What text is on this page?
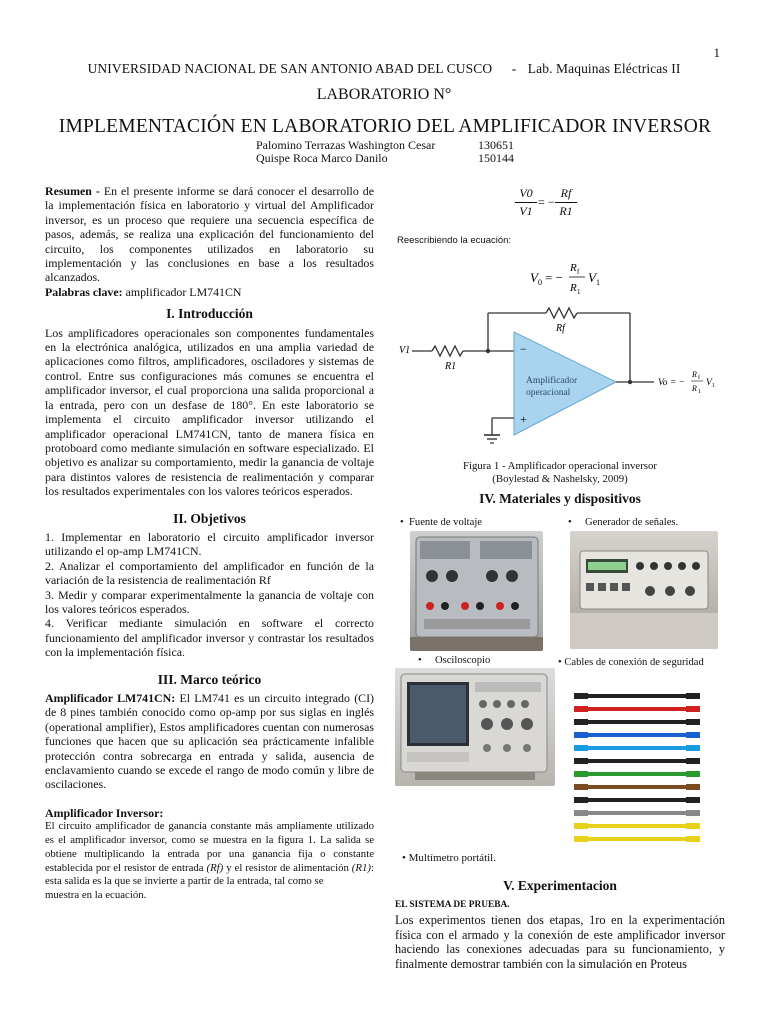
1
UNIVERSIDAD NACIONAL DE SAN ANTONIO ABAD DEL CUSCO - Lab. Maquinas Eléctricas II
LABORATORIO N°
IMPLEMENTACIÓN EN LABORATORIO DEL AMPLIFICADOR INVERSOR
Palomino Terrazas Washington Cesar	130651
Quispe Roca Marco Danilo	150144
Resumen - En el presente informe se dará conocer el desarrollo de la implementación física en laboratorio y virtual del Amplificador inversor, es un proceso que requiere una secuencia específica de pasos, además, se realiza una explicación del funcionamiento del circuito, los componentes utilizados en laboratorio su implementación y las conclusiones en base a los resultados alcanzados.
Palabras clave: amplificador LM741CN
I. Introducción
Los amplificadores operacionales son componentes fundamentales en la electrónica analógica, utilizados en una amplia variedad de aplicaciones como filtros, amplificadores, osciladores y sistemas de control. Entre sus configuraciones más comunes se encuentra el amplificador inversor, el cual proporciona una salida proporcional a la entrada, pero con un desfase de 180°. En este laboratorio se implementa el circuito amplificador inversor utilizando el amplificador operacional LM741CN, tanto de manera física en protoboard como mediante simulación en software especializado. El objetivo es analizar su comportamiento, medir la ganancia de voltaje para distintos valores de resistencia de realimentación y comparar los resultados experimentales con los valores teóricos esperados.
II. Objetivos
1. Implementar en laboratorio el circuito amplificador inversor utilizando el op-amp LM741CN.
2. Analizar el comportamiento del amplificador en función de la variación de la resistencia de realimentación Rf
3. Medir y comparar experimentalmente la ganancia de voltaje con los valores teóricos esperados.
4. Verificar mediante simulación en software el correcto funcionamiento del amplificador inversor y contrastar los resultados con la implementación física.
III. Marco teórico
Amplificador LM741CN: El LM741 es un circuito integrado (CI) de 8 pines también conocido como op-amp por sus siglas en inglés (operational amplifier), Estos amplificadores cuentan con numerosas funciones que hacen que su aplicación sea prácticamente infalible protección contra sobrecarga en entrada y salida, ausencia de enclavamiento cuando se excede el rango de modo común y libre de oscilaciones.
Amplificador Inversor:
El circuito amplificador de ganancia constante más ampliamente utilizado es el amplificador inversor, como se muestra en la figura 1. La salida se obtiene multiplicando la entrada por una ganancia fija o constante establecida por el resistor de entrada (Rf) y el resistor de alimentación (R1): esta salida es la que se invierte a partir de la entrada, tal como se
muestra en la ecuación.
V0
V1
= −
Rf
R1
Reescribiendo la ecuación:
V0 = − (Rf / R1) V1
V 0 = −
R f
R 1
V 1
Rf
V1
R1
−
+
Amplificador
operacional
Vo = −
R f
R 1
V 1
Figura 1 - Amplificador operacional inversor
(Boylestad & Nashelsky, 2009)
IV. Materiales y dispositivos
•  Fuente de voltaje	•     Generador de señales.
•     Osciloscopio	• Cables de conexión de seguridad
• Multímetro portátil.
V. Experimentacion
EL SISTEMA DE PRUEBA.
Los experimentos tienen dos etapas, 1ro en la experimentación física con el armado y la conexión de este amplificador inversor haciendo las conexiones adecuadas para su funcionamiento, y finalmente demostrar también con la simulación en Proteus
